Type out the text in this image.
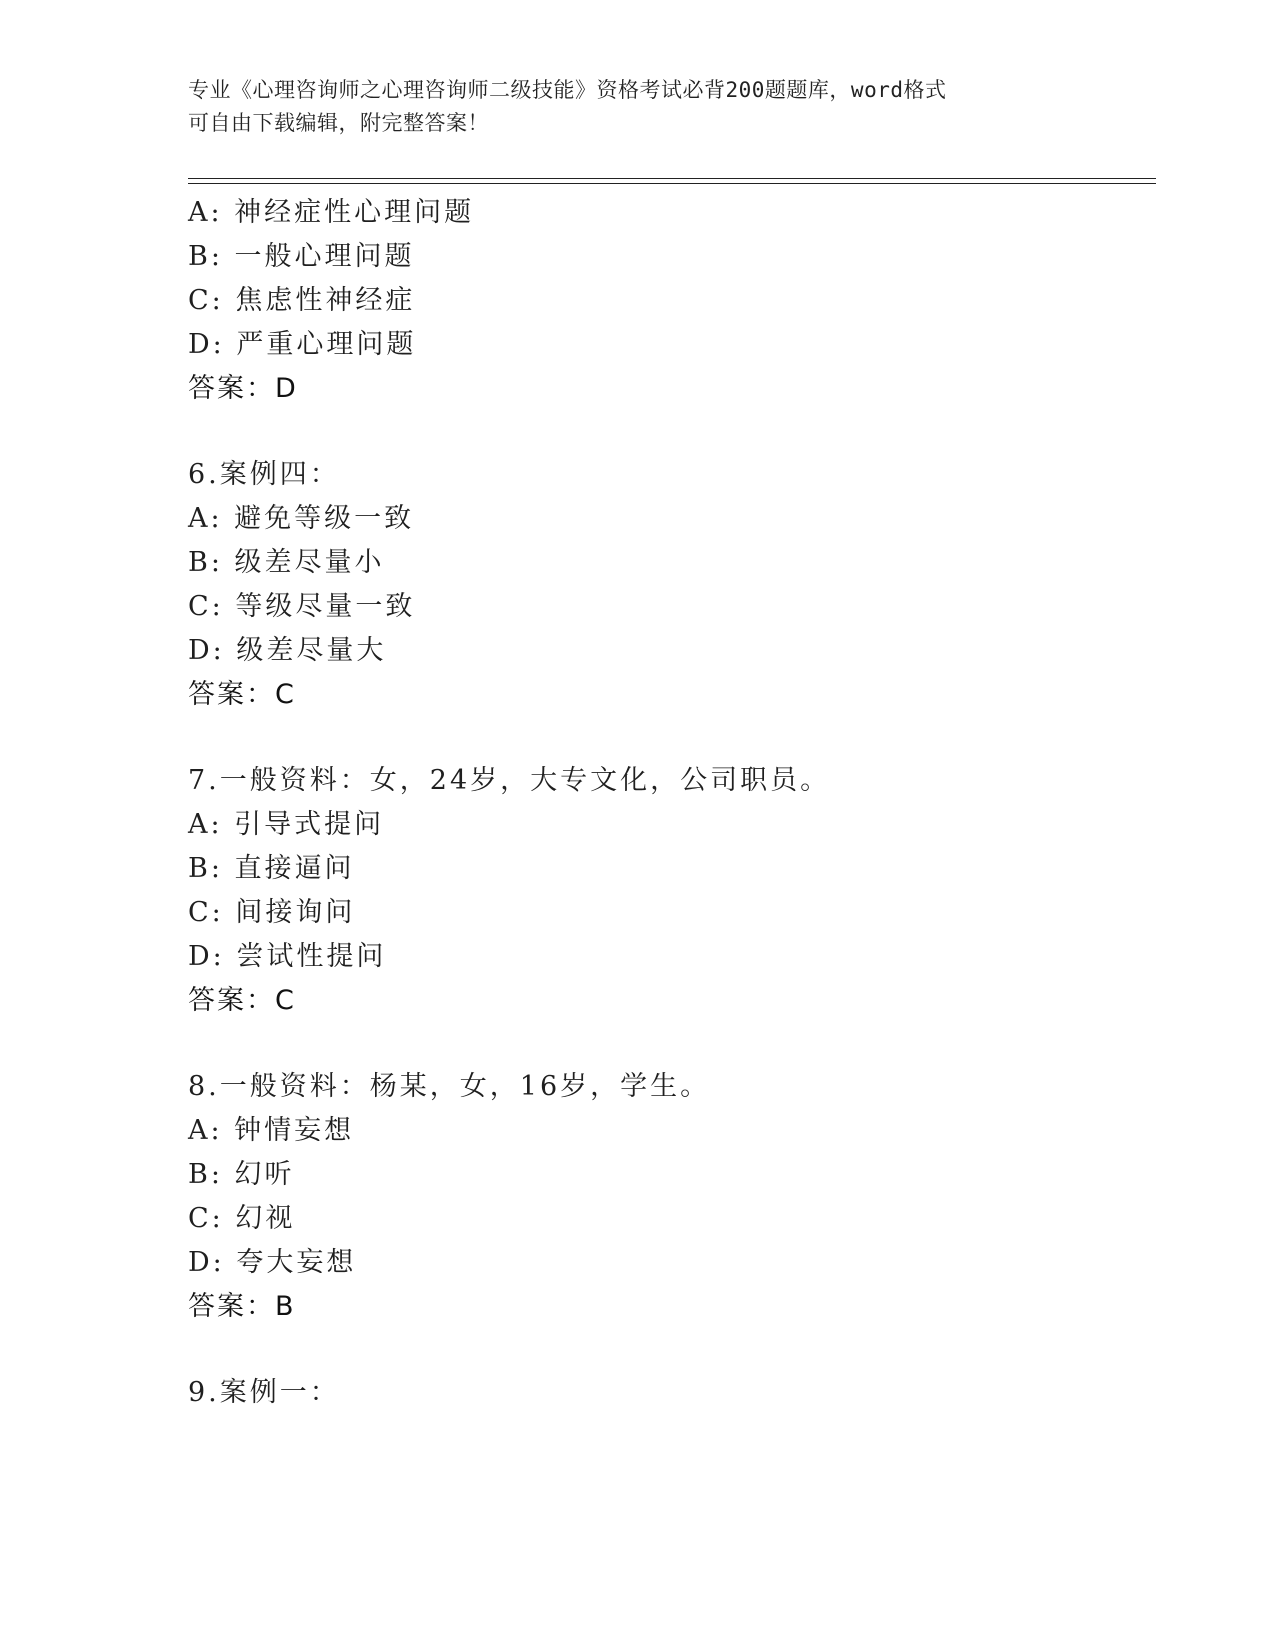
专业《心理咨询师之心理咨询师二级技能》资格考试必背200题题库，word格式
可自由下载编辑，附完整答案！
A: 神经症性心理问题
B: 一般心理问题
C: 焦虑性神经症
D: 严重心理问题
答案：D
6.案例四：
A: 避免等级一致
B: 级差尽量小
C: 等级尽量一致
D: 级差尽量大
答案：C
7.一般资料：女，24岁，大专文化，公司职员。
A: 引导式提问
B: 直接逼问
C: 间接询问
D: 尝试性提问
答案：C
8.一般资料：杨某，女，16岁，学生。
A: 钟情妄想
B: 幻听
C: 幻视
D: 夸大妄想
答案：B
9.案例一：
